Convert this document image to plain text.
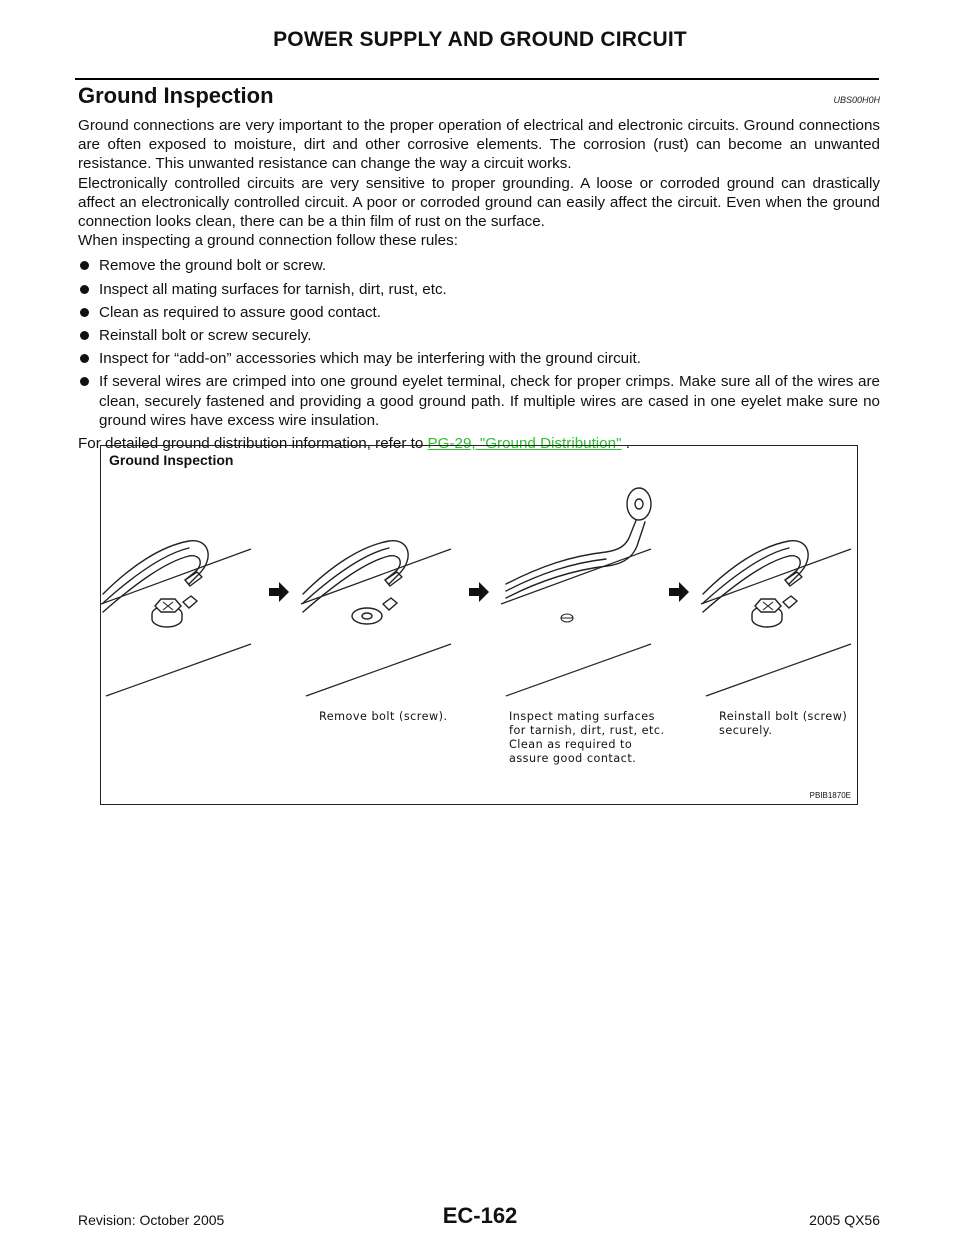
POWER SUPPLY AND GROUND CIRCUIT
Ground Inspection	UBS00H0H

Ground connections are very important to the proper operation of electrical and electronic circuits. Ground connections are often exposed to moisture, dirt and other corrosive elements. The corrosion (rust) can become an unwanted resistance. This unwanted resistance can change the way a circuit works.

Electronically controlled circuits are very sensitive to proper grounding. A loose or corroded ground can drastically affect an electronically controlled circuit. A poor or corroded ground can easily affect the circuit. Even when the ground connection looks clean, there can be a thin film of rust on the surface.

When inspecting a ground connection follow these rules:

Remove the ground bolt or screw.
Inspect all mating surfaces for tarnish, dirt, rust, etc.
Clean as required to assure good contact.
Reinstall bolt or screw securely.
Inspect for “add-on” accessories which may be interfering with the ground circuit.
If several wires are crimped into one ground eyelet terminal, check for proper crimps. Make sure all of the wires are clean, securely fastened and providing a good ground path. If multiple wires are cased in one eyelet make sure no ground wires have excess wire insulation.

For detailed ground distribution information, refer to PG-29, "Ground Distribution" .

Ground Inspection
Remove bolt (screw).	Inspect mating surfaces
for tarnish, dirt, rust, etc.
Clean as required to
assure good contact.
Reinstall bolt (screw)
securely.
PBIB1870E
Revision: October 2005	EC-162	2005 QX56
